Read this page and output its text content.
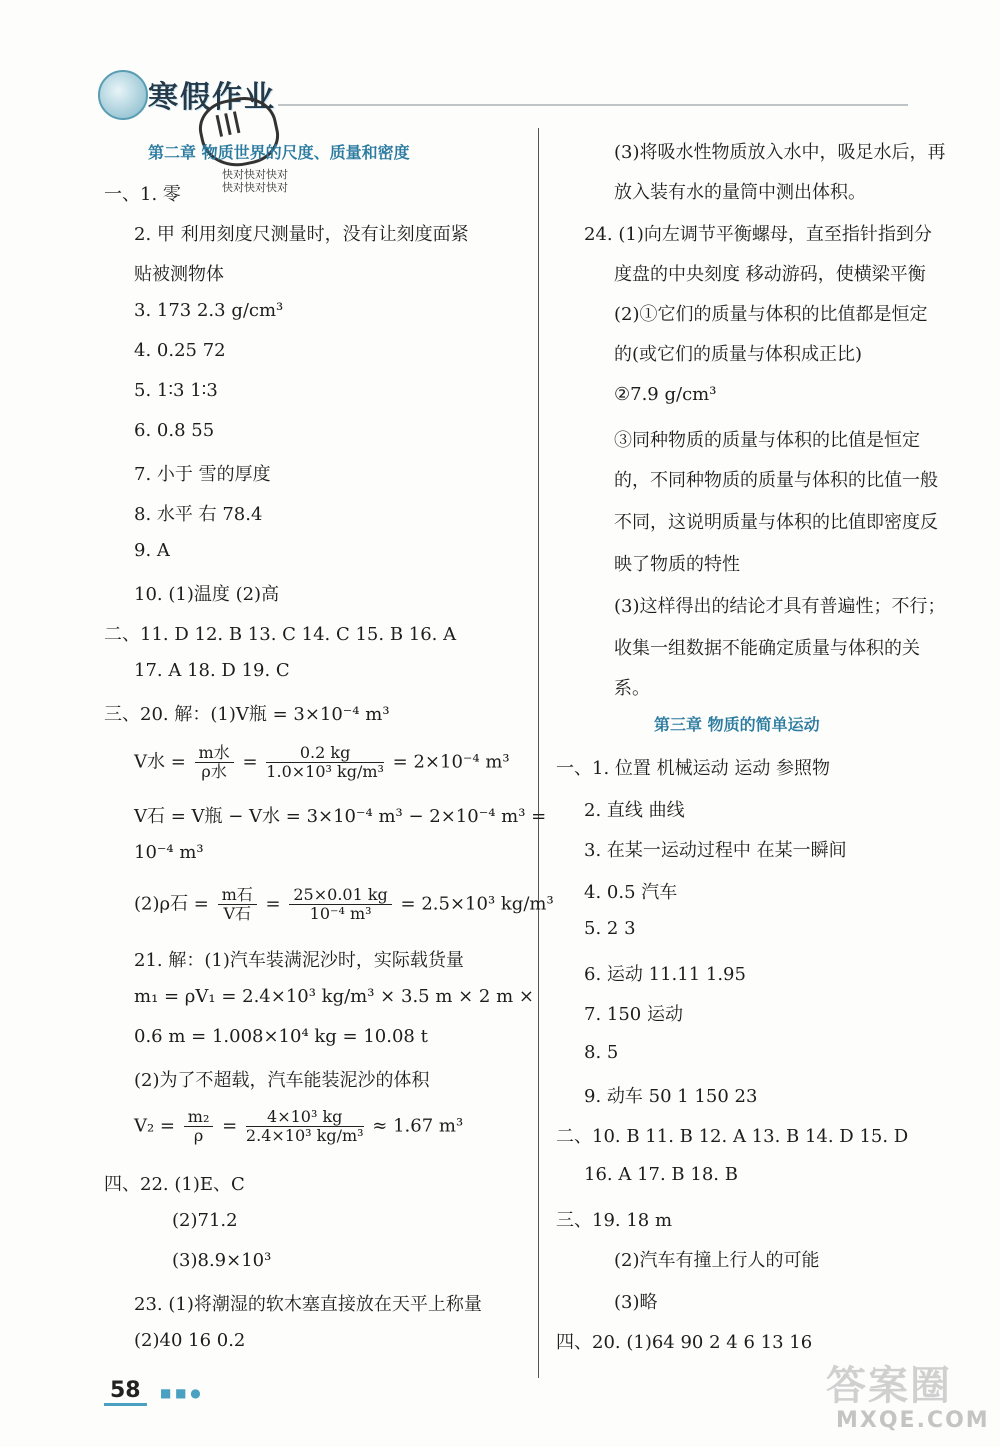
寒假作业
III
快对快对快对
快对快对快对
第二章 物质世界的尺度、质量和密度
一、1. 零
2. 甲 利用刻度尺测量时，没有让刻度面紧
贴被测物体
3. 173 2.3 g/cm³
4. 0.25 72
5. 1∶3 1∶3
6. 0.8 55
7. 小于 雪的厚度
8. 水平 右 78.4
9. A
10. (1)温度 (2)高
二、11. D 12. B 13. C 14. C 15. B 16. A
17. A 18. D 19. C
三、20. 解：(1)V瓶 = 3×10⁻⁴ m³
V水 = $\frac{\text{m水}}{\text{ρ水}} = \frac{0.2 kg}{\text{1.0×10³ kg/m³}} = 2\times 10^{-4}$ m³
V石 = V瓶 − V水 = 3×10⁻⁴ m³ − 2×10⁻⁴ m³ =
10⁻⁴ m³
(2)ρ石 = $\frac{\text{m石}}{\text{V石}} = \frac{25\times 0.01 kg}{\text{10⁻⁴ m³}} = 2.5\times 10^3$ kg/m³
21. 解：(1)汽车装满泥沙时，实际载货量
m₁ = ρV₁ = 2.4×10³ kg/m³ × 3.5 m × 2 m ×
0.6 m = 1.008×10⁴ kg = 10.08 t
(2)为了不超载，汽车能装泥沙的体积
$V_2 = \frac{\text{m₂}}{\rho} = \frac{\text{4×10³ kg}}{\text{2.4×10³ kg/m³}} \approx 1.67$ m³
四、22. (1)E、C
(2)71.2
(3)8.9×10³
23. (1)将潮湿的软木塞直接放在天平上称量
(2)40 16 0.2
(3)将吸水性物质放入水中，吸足水后，再
放入装有水的量筒中测出体积。
24. (1)向左调节平衡螺母，直至指针指到分
度盘的中央刻度 移动游码，使横梁平衡
(2)①它们的质量与体积的比值都是恒定
的(或它们的质量与体积成正比)
②7.9 g/cm³
③同种物质的质量与体积的比值是恒定
的，不同种物质的质量与体积的比值一般
不同，这说明质量与体积的比值即密度反
映了物质的特性
(3)这样得出的结论才具有普遍性；不行；
收集一组数据不能确定质量与体积的关
系。
第三章 物质的简单运动
一、1. 位置 机械运动 运动 参照物
2. 直线 曲线
3. 在某一运动过程中 在某一瞬间
4. 0.5 汽车
5. 2 3
6. 运动 11.11 1.95
7. 150 运动
8. 5
9. 动车 50 1 150 23
二、10. B 11. B 12. A 13. B 14. D 15. D
16. A 17. B 18. B
三、19. 18 m
(2)汽车有撞上行人的可能
(3)略
四、20. (1)64 90 2 4 6 13 16
58	■ ■ ●	答案圈
MXQE.COM
